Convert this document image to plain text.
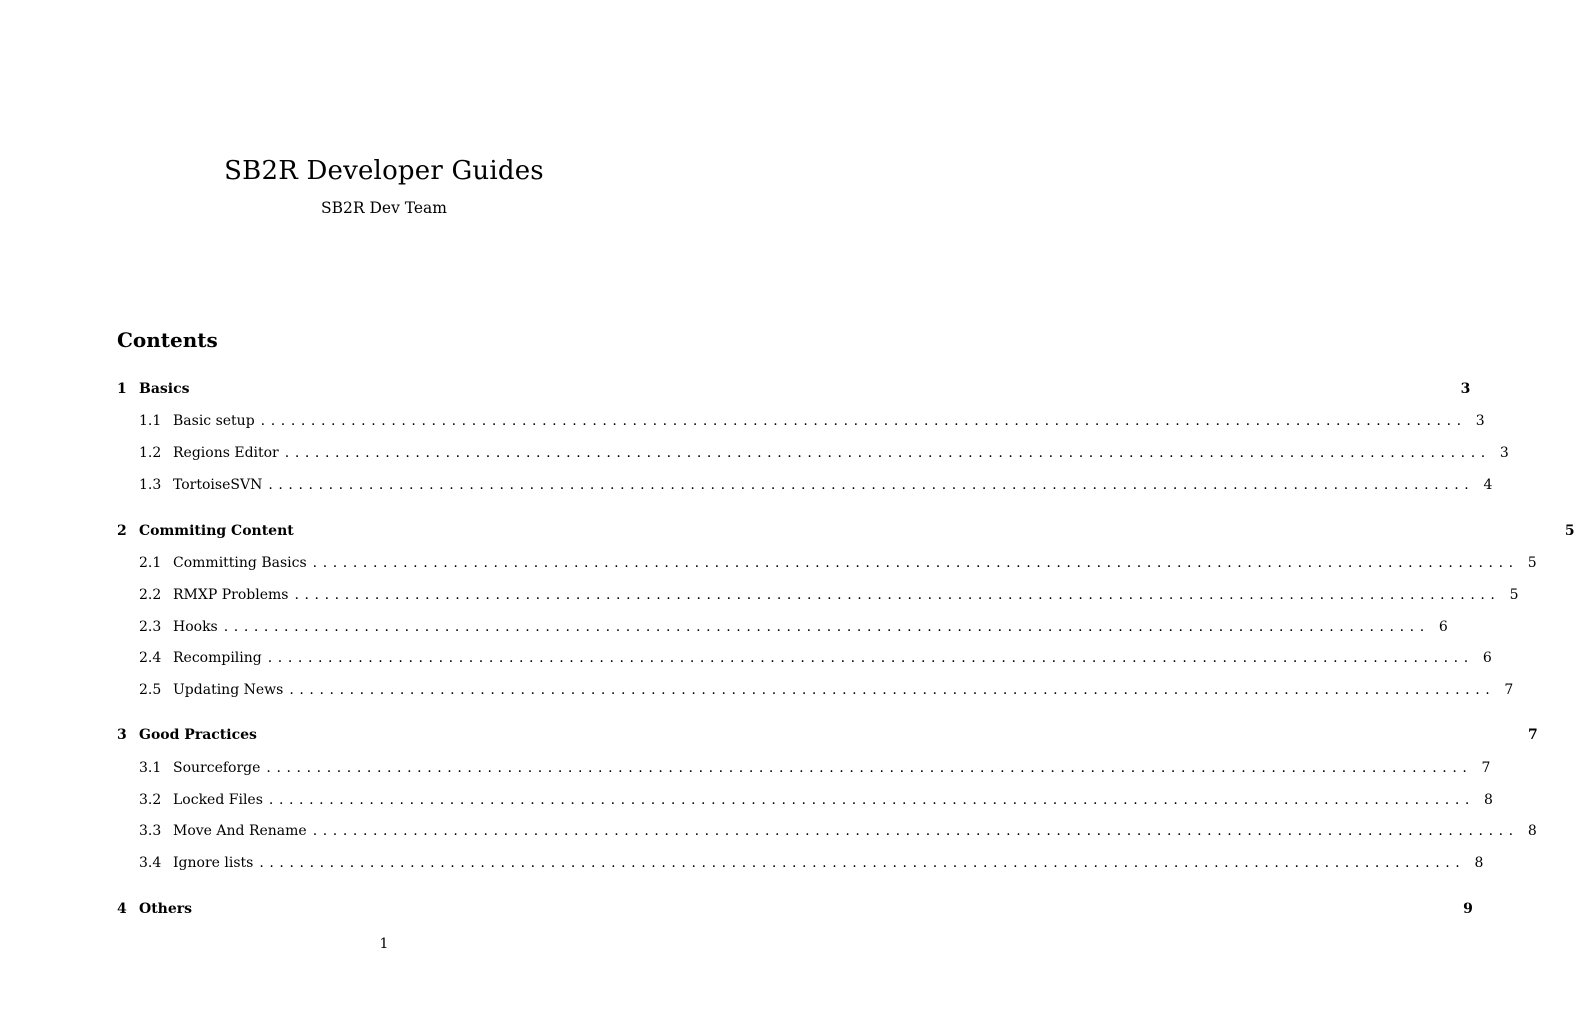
SB2R Developer Guides
SB2R Dev Team
Contents
1 Basics	3
1.1 Basic setup ........................................................................................................................ 3
1.2 Regions Editor ........................................................................................................................ 3
1.3 TortoiseSVN ........................................................................................................................ 4
2 Commiting Content	5
2.1 Committing Basics ........................................................................................................................ 5
2.2 RMXP Problems ........................................................................................................................ 5
2.3 Hooks ........................................................................................................................ 6
2.4 Recompiling ........................................................................................................................ 6
2.5 Updating News ........................................................................................................................ 7
3 Good Practices	7
3.1 Sourceforge ........................................................................................................................ 7
3.2 Locked Files ........................................................................................................................ 8
3.3 Move And Rename ........................................................................................................................ 8
3.4 Ignore lists ........................................................................................................................ 8
4 Others	9
1
